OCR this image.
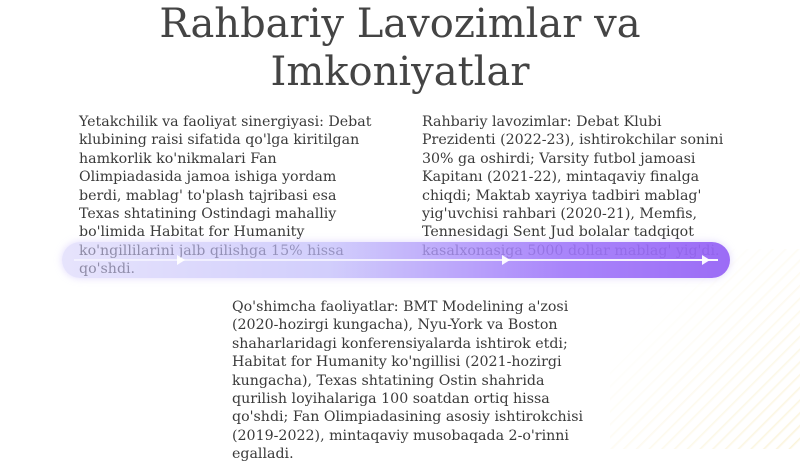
Rahbariy Lavozimlar va
Imkoniyatlar

Yetakchilik va faoliyat sinergiyasi: Debat klubining raisi sifatida qo'lga kiritilgan hamkorlik ko'nikmalari Fan Olimpiadasida jamoa ishiga yordam berdi, mablag' to'plash tajribasi esa Texas shtatining Ostindagi mahalliy bo'limida Habitat for Humanity

Rahbariy lavozimlar: Debat Klubi Prezidenti (2022-23), ishtirokchilar sonini 30% ga oshirdi; Varsity futbol jamoasi Kapitanı (2021-22), mintaqaviy finalga chiqdi; Maktab xayriya tadbiri mablag' yig'uvchisi rahbari (2020-21), Memfis, Tennesidagi Sent Jud bolalar tadqiqot

Qo'shimcha faoliyatlar: BMT Modelining a'zosi (2020-hozirgi kungacha), Nyu-York va Boston shaharlaridagi konferensiyalarda ishtirok etdi; Habitat for Humanity ko'ngillisi (2021-hozirgi kungacha), Texas shtatining Ostin shahrida qurilish loyihalariga 100 soatdan ortiq hissa qo'shdi; Fan Olimpiadasining asosiy ishtirokchisi (2019-2022), mintaqaviy musobaqada 2-o'rinni egalladi.
